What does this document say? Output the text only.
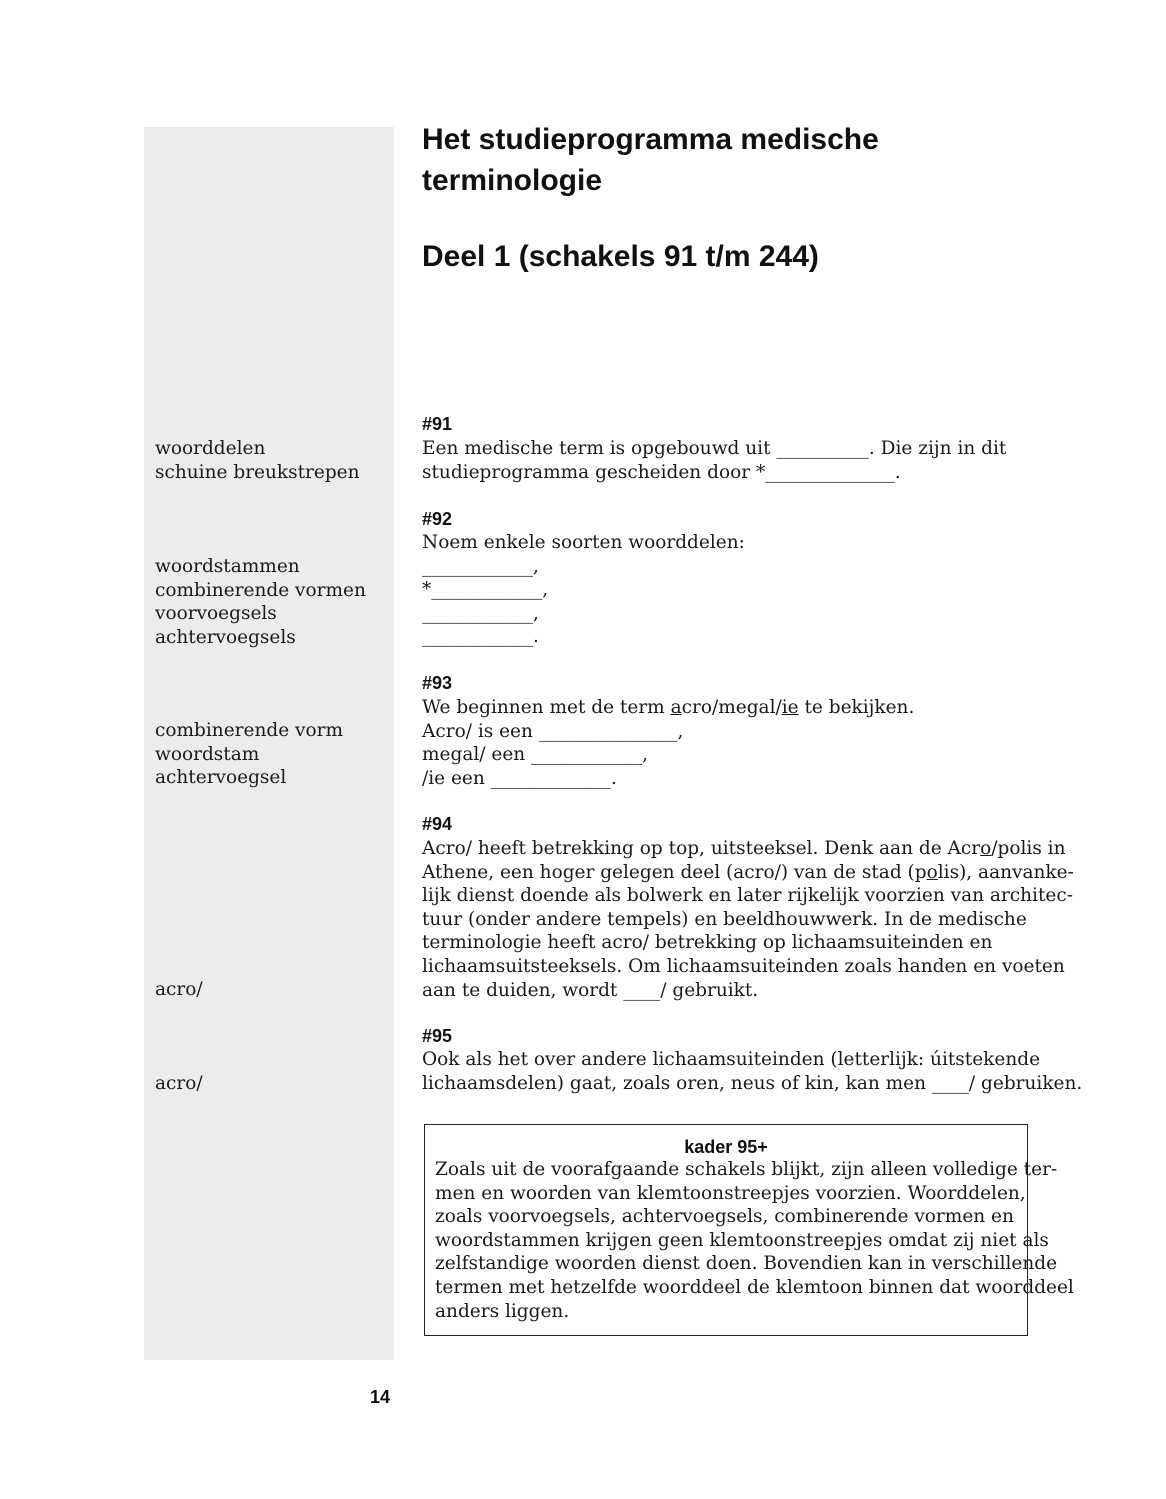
Het studieprogramma medische
terminologie
Deel 1 (schakels 91 t/m 244)
#91
Een medische term is opgebouwd uit __________. Die zijn in dit
studieprogramma gescheiden door *______________.
woorddelen
schuine breukstrepen
#92
Noem enkele soorten woorddelen:
____________,
*____________,
____________,
____________.
woordstammen
combinerende vormen
voorvoegsels
achtervoegsels
#93
We beginnen met de term acro/megal/ie te bekijken.
Acro/ is een _______________,
megal/ een ____________,
/ie een _____________.
combinerende vorm
woordstam
achtervoegsel
#94
Acro/ heeft betrekking op top, uitsteeksel. Denk aan de Acro/polis in
Athene, een hoger gelegen deel (acro/) van de stad (polis), aanvanke-
lijk dienst doende als bolwerk en later rijkelijk voorzien van architec-
tuur (onder andere tempels) en beeldhouwwerk. In de medische
terminologie heeft acro/ betrekking op lichaamsuiteinden en
lichaamsuitsteeksels. Om lichaamsuiteinden zoals handen en voeten
aan te duiden, wordt ____/ gebruikt.
acro/
#95
Ook als het over andere lichaamsuiteinden (letterlijk: úitstekende
lichaamsdelen) gaat, zoals oren, neus of kin, kan men ____/ gebruiken.
acro/
kader 95+
Zoals uit de voorafgaande schakels blijkt, zijn alleen volledige ter-
men en woorden van klemtoonstreepjes voorzien. Woorddelen,
zoals voorvoegsels, achtervoegsels, combinerende vormen en
woordstammen krijgen geen klemtoonstreepjes omdat zij niet als
zelfstandige woorden dienst doen. Bovendien kan in verschillende
termen met hetzelfde woorddeel de klemtoon binnen dat woorddeel
anders liggen.
14
